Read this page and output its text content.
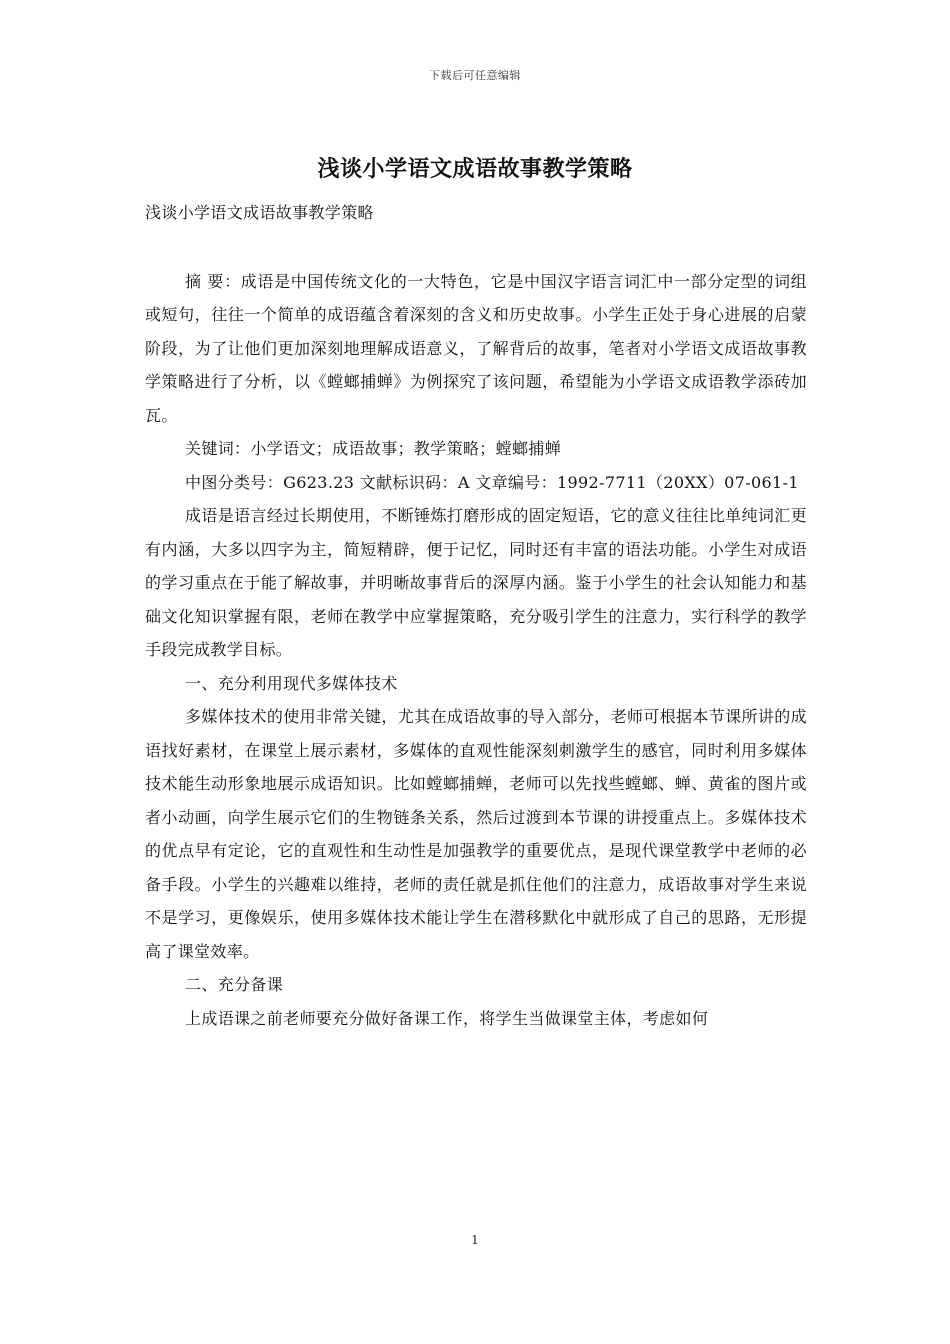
下载后可任意编辑
浅谈小学语文成语故事教学策略

浅谈小学语文成语故事教学策略

摘 要：成语是中国传统文化的一大特色，它是中国汉字语言词汇中一部分定型的词组或短句，往往一个简单的成语蕴含着深刻的含义和历史故事。小学生正处于身心进展的启蒙阶段，为了让他们更加深刻地理解成语意义，了解背后的故事，笔者对小学语文成语故事教学策略进行了分析，以《螳螂捕蝉》为例探究了该问题，希望能为小学语文成语教学添砖加瓦。

关键词：小学语文；成语故事；教学策略；螳螂捕蝉

中图分类号：G623.23 文献标识码：A 文章编号：1992-7711（20XX）07-061-1

成语是语言经过长期使用，不断锤炼打磨形成的固定短语，它的意义往往比单纯词汇更有内涵，大多以四字为主，简短精辟，便于记忆，同时还有丰富的语法功能。小学生对成语的学习重点在于能了解故事，并明晰故事背后的深厚内涵。鉴于小学生的社会认知能力和基础文化知识掌握有限，老师在教学中应掌握策略，充分吸引学生的注意力，实行科学的教学手段完成教学目标。

一、充分利用现代多媒体技术

多媒体技术的使用非常关键，尤其在成语故事的导入部分，老师可根据本节课所讲的成语找好素材，在课堂上展示素材，多媒体的直观性能深刻刺激学生的感官，同时利用多媒体技术能生动形象地展示成语知识。比如螳螂捕蝉，老师可以先找些螳螂、蝉、黄雀的图片或者小动画，向学生展示它们的生物链条关系，然后过渡到本节课的讲授重点上。多媒体技术的优点早有定论，它的直观性和生动性是加强教学的重要优点，是现代课堂教学中老师的必备手段。小学生的兴趣难以维持，老师的责任就是抓住他们的注意力，成语故事对学生来说不是学习，更像娱乐，使用多媒体技术能让学生在潜移默化中就形成了自己的思路，无形提高了课堂效率。

二、充分备课

上成语课之前老师要充分做好备课工作，将学生当做课堂主体，考虑如何

1
